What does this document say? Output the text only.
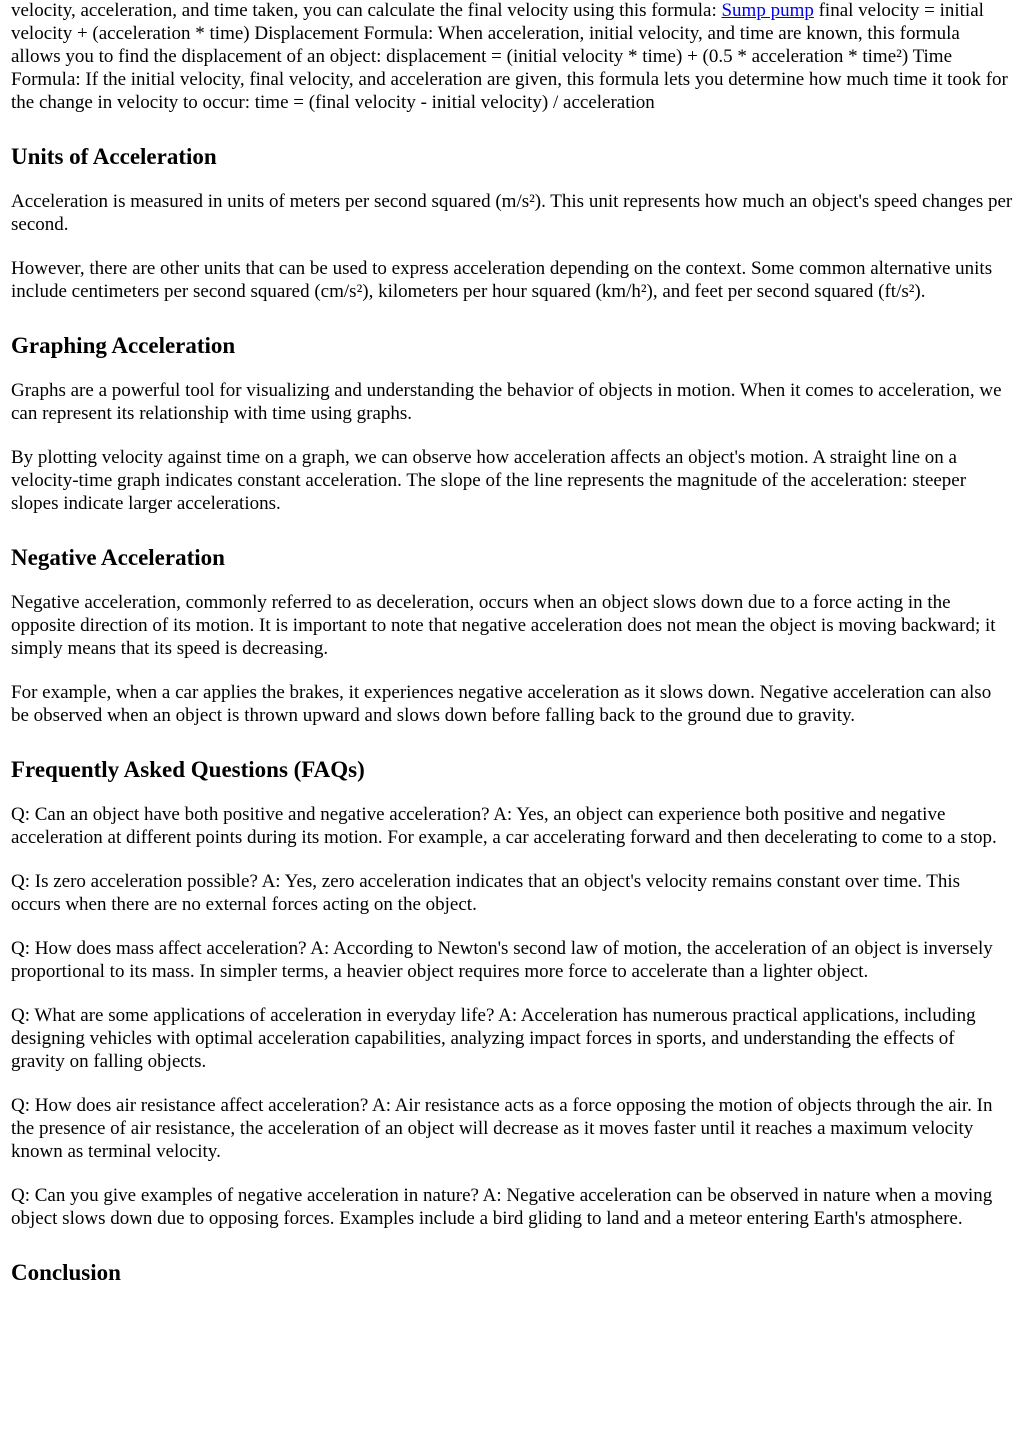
velocity, acceleration, and time taken, you can calculate the final velocity using this formula: Sump pump final velocity = initial velocity + (acceleration * time) Displacement Formula: When acceleration, initial velocity, and time are known, this formula allows you to find the displacement of an object: displacement = (initial velocity * time) + (0.5 * acceleration * time²) Time Formula: If the initial velocity, final velocity, and acceleration are given, this formula lets you determine how much time it took for the change in velocity to occur: time = (final velocity - initial velocity) / acceleration

Units of Acceleration

Acceleration is measured in units of meters per second squared (m/s²). This unit represents how much an object's speed changes per second.

However, there are other units that can be used to express acceleration depending on the context. Some common alternative units include centimeters per second squared (cm/s²), kilometers per hour squared (km/h²), and feet per second squared (ft/s²).

Graphing Acceleration

Graphs are a powerful tool for visualizing and understanding the behavior of objects in motion. When it comes to acceleration, we can represent its relationship with time using graphs.

By plotting velocity against time on a graph, we can observe how acceleration affects an object's motion. A straight line on a velocity-time graph indicates constant acceleration. The slope of the line represents the magnitude of the acceleration: steeper slopes indicate larger accelerations.

Negative Acceleration

Negative acceleration, commonly referred to as deceleration, occurs when an object slows down due to a force acting in the opposite direction of its motion. It is important to note that negative acceleration does not mean the object is moving backward; it simply means that its speed is decreasing.

For example, when a car applies the brakes, it experiences negative acceleration as it slows down. Negative acceleration can also be observed when an object is thrown upward and slows down before falling back to the ground due to gravity.

Frequently Asked Questions (FAQs)

Q: Can an object have both positive and negative acceleration? A: Yes, an object can experience both positive and negative acceleration at different points during its motion. For example, a car accelerating forward and then decelerating to come to a stop.

Q: Is zero acceleration possible? A: Yes, zero acceleration indicates that an object's velocity remains constant over time. This occurs when there are no external forces acting on the object.

Q: How does mass affect acceleration? A: According to Newton's second law of motion, the acceleration of an object is inversely proportional to its mass. In simpler terms, a heavier object requires more force to accelerate than a lighter object.

Q: What are some applications of acceleration in everyday life? A: Acceleration has numerous practical applications, including designing vehicles with optimal acceleration capabilities, analyzing impact forces in sports, and understanding the effects of gravity on falling objects.

Q: How does air resistance affect acceleration? A: Air resistance acts as a force opposing the motion of objects through the air. In the presence of air resistance, the acceleration of an object will decrease as it moves faster until it reaches a maximum velocity known as terminal velocity.

Q: Can you give examples of negative acceleration in nature? A: Negative acceleration can be observed in nature when a moving object slows down due to opposing forces. Examples include a bird gliding to land and a meteor entering Earth's atmosphere.

Conclusion
